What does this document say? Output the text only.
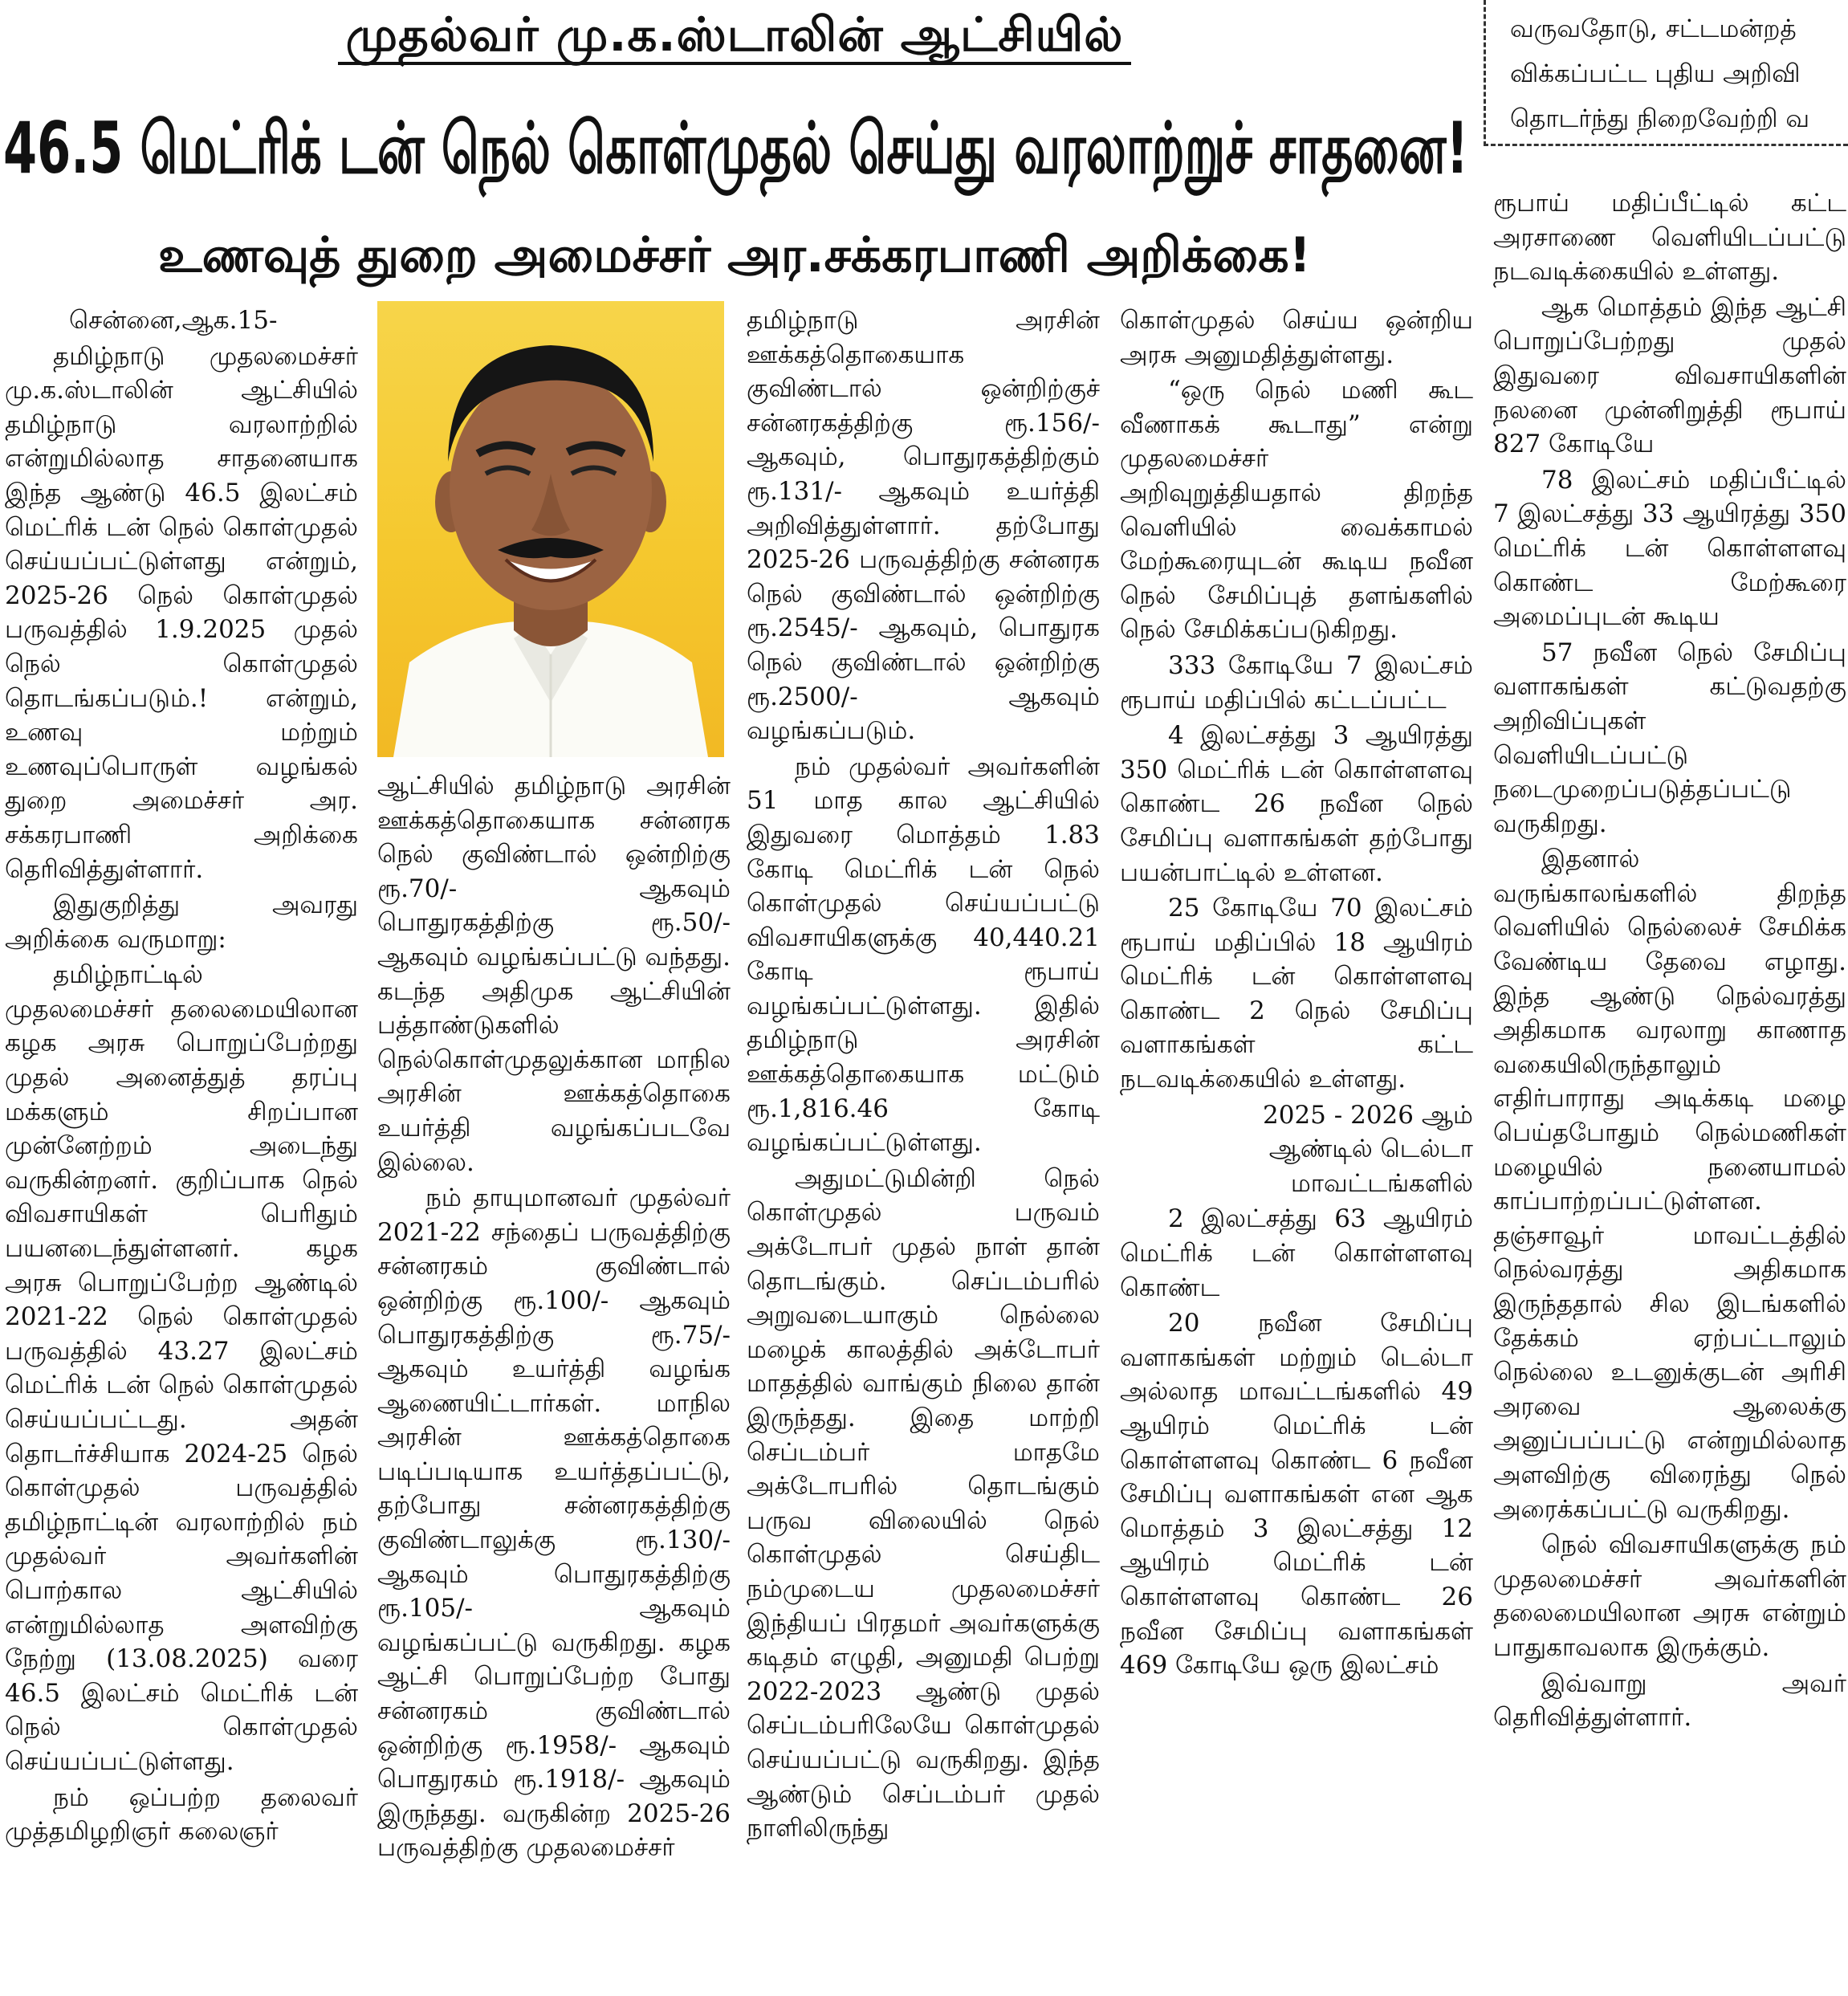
முதல்வர் மு.க.ஸ்டாலின் ஆட்சியில்
46.5 மெட்ரிக் டன் நெல் கொள்முதல் செய்து வரலாற்றுச் சாதனை!
உணவுத் துறை அமைச்சர் அர.சக்கரபாணி அறிக்கை!

வருவதோடு, சட்டமன்றத்

விக்கப்பட்ட புதிய அறிவி

தொடர்ந்து நிறைவேற்றி வ

சென்னை,ஆக.15-

தமிழ்நாடு முதலமைச்சர் மு.க.ஸ்டாலின் ஆட்சியில் தமிழ்நாடு வரலாற்றில் என்றுமில்லாத சாதனையாக இந்த ஆண்டு 46.5 இலட்சம் மெட்ரிக் டன் நெல் கொள்முதல் செய்யப்பட்டுள்ளது என்றும், 2025-26 நெல் கொள்முதல் பருவத்தில் 1.9.2025 முதல் நெல் கொள்முதல் தொடங்கப்படும்.! என்றும், உணவு மற்றும் உணவுப்பொருள் வழங்கல் துறை அமைச்சர் அர. சக்கரபாணி அறிக்கை தெரிவித்துள்ளார்.

இதுகுறித்து அவரது அறிக்கை வருமாறு:

தமிழ்நாட்டில் முதலமைச்சர் தலைமையிலான கழக அரசு பொறுப்பேற்றது முதல் அனைத்துத் தரப்பு மக்களும் சிறப்பான முன்னேற்றம் அடைந்து வருகின்றனர். குறிப்பாக நெல் விவசாயிகள் பெரிதும் பயனடைந்துள்ளனர். கழக அரசு பொறுப்பேற்ற ஆண்டில் 2021-22 நெல் கொள்முதல் பருவத்தில் 43.27 இலட்சம் மெட்ரிக் டன் நெல் கொள்முதல் செய்யப்பட்டது. அதன் தொடர்ச்சியாக 2024-25 நெல் கொள்முதல் பருவத்தில் தமிழ்நாட்டின் வரலாற்றில் நம் முதல்வர் அவர்களின் பொற்கால ஆட்சியில் என்றுமில்லாத அளவிற்கு நேற்று (13.08.2025) வரை 46.5 இலட்சம் மெட்ரிக் டன் நெல் கொள்முதல் செய்யப்பட்டுள்ளது.

நம் ஒப்பற்ற தலைவர் முத்தமிழறிஞர் கலைஞர்

ஆட்சியில் தமிழ்நாடு அரசின் ஊக்கத்தொகையாக சன்னரக நெல் குவிண்டால் ஒன்றிற்கு ரூ.70/- ஆகவும் பொதுரகத்திற்கு ரூ.50/- ஆகவும் வழங்கப்பட்டு வந்தது. கடந்த அதிமுக ஆட்சியின் பத்தாண்டுகளில் நெல்கொள்முதலுக்கான மாநில அரசின் ஊக்கத்தொகை உயர்த்தி வழங்கப்படவே இல்லை.

நம் தாயுமானவர் முதல்வர் 2021-22 சந்தைப் பருவத்திற்கு சன்னரகம் குவிண்டால் ஒன்றிற்கு ரூ.100/- ஆகவும் பொதுரகத்திற்கு ரூ.75/- ஆகவும் உயர்த்தி வழங்க ஆணையிட்டார்கள். மாநில அரசின் ஊக்கத்தொகை படிப்படியாக உயர்த்தப்பட்டு, தற்போது சன்னரகத்திற்கு குவிண்டாலுக்கு ரூ.130/- ஆகவும் பொதுரகத்திற்கு ரூ.105/- ஆகவும் வழங்கப்பட்டு வருகிறது. கழக ஆட்சி பொறுப்பேற்ற போது சன்னரகம் குவிண்டால் ஒன்றிற்கு ரூ.1958/- ஆகவும் பொதுரகம் ரூ.1918/- ஆகவும் இருந்தது. வருகின்ற 2025-26 பருவத்திற்கு முதலமைச்சர்

தமிழ்நாடு அரசின் ஊக்கத்தொகையாக குவிண்டால் ஒன்றிற்குச் சன்னரகத்திற்கு ரூ.156/- ஆகவும், பொதுரகத்திற்கும் ரூ.131/- ஆகவும் உயர்த்தி அறிவித்துள்ளார். தற்போது 2025-26 பருவத்திற்கு சன்னரக நெல் குவிண்டால் ஒன்றிற்கு ரூ.2545/- ஆகவும், பொதுரக நெல் குவிண்டால் ஒன்றிற்கு ரூ.2500/- ஆகவும் வழங்கப்படும்.

நம் முதல்வர் அவர்களின் 51 மாத கால ஆட்சியில் இதுவரை மொத்தம் 1.83 கோடி மெட்ரிக் டன் நெல் கொள்முதல் செய்யப்பட்டு விவசாயிகளுக்கு 40,440.21 கோடி ரூபாய் வழங்கப்பட்டுள்ளது. இதில் தமிழ்நாடு அரசின் ஊக்கத்தொகையாக மட்டும் ரூ.1,816.46 கோடி வழங்கப்பட்டுள்ளது.

அதுமட்டுமின்றி நெல் கொள்முதல் பருவம் அக்டோபர் முதல் நாள் தான் தொடங்கும். செப்டம்பரில் அறுவடையாகும் நெல்லை மழைக் காலத்தில் அக்டோபர் மாதத்தில் வாங்கும் நிலை தான் இருந்தது. இதை மாற்றி செப்டம்பர் மாதமே அக்டோபரில் தொடங்கும் பருவ விலையில் நெல் கொள்முதல் செய்திட நம்முடைய முதலமைச்சர் இந்தியப் பிரதமர் அவர்களுக்கு கடிதம் எழுதி, அனுமதி பெற்று 2022-2023 ஆண்டு முதல் செப்டம்பரிலேயே கொள்முதல் செய்யப்பட்டு வருகிறது. இந்த ஆண்டும் செப்டம்பர் முதல் நாளிலிருந்து

கொள்முதல் செய்ய ஒன்றிய அரசு அனுமதித்துள்ளது.

“ஒரு நெல் மணி கூட வீணாகக் கூடாது” என்று முதலமைச்சர் அறிவுறுத்தியதால் திறந்த வெளியில் வைக்காமல் மேற்கூரையுடன் கூடிய நவீன நெல் சேமிப்புத் தளங்களில் நெல் சேமிக்கப்படுகிறது.

333 கோடியே 7 இலட்சம் ரூபாய் மதிப்பில் கட்டப்பட்ட

4 இலட்சத்து 3 ஆயிரத்து 350 மெட்ரிக் டன் கொள்ளளவு கொண்ட 26 நவீன நெல் சேமிப்பு வளாகங்கள் தற்போது பயன்பாட்டில் உள்ளன.

25 கோடியே 70 இலட்சம் ரூபாய் மதிப்பில் 18 ஆயிரம் மெட்ரிக் டன் கொள்ளளவு கொண்ட 2 நெல் சேமிப்பு வளாகங்கள் கட்ட நடவடிக்கையில் உள்ளது.

2025 - 2026 ஆம் ஆண்டில் டெல்டா மாவட்டங்களில்

2 இலட்சத்து 63 ஆயிரம் மெட்ரிக் டன் கொள்ளளவு கொண்ட

20 நவீன சேமிப்பு வளாகங்கள் மற்றும் டெல்டா அல்லாத மாவட்டங்களில் 49 ஆயிரம் மெட்ரிக் டன் கொள்ளளவு கொண்ட 6 நவீன சேமிப்பு வளாகங்கள் என ஆக மொத்தம் 3 இலட்சத்து 12 ஆயிரம் மெட்ரிக் டன் கொள்ளளவு கொண்ட 26 நவீன சேமிப்பு வளாகங்கள் 469 கோடியே ஒரு இலட்சம்

ரூபாய் மதிப்பீட்டில் கட்ட அரசாணை வெளியிடப்பட்டு நடவடிக்கையில் உள்ளது.

ஆக மொத்தம் இந்த ஆட்சி பொறுப்பேற்றது முதல் இதுவரை விவசாயிகளின் நலனை முன்னிறுத்தி ரூபாய் 827 கோடியே

78 இலட்சம் மதிப்பீட்டில் 7 இலட்சத்து 33 ஆயிரத்து 350 மெட்ரிக் டன் கொள்ளளவு கொண்ட மேற்கூரை அமைப்புடன் கூடிய

57 நவீன நெல் சேமிப்பு வளாகங்கள் கட்டுவதற்கு அறிவிப்புகள் வெளியிடப்பட்டு நடைமுறைப்படுத்தப்பட்டு வருகிறது.

இதனால் வருங்காலங்களில் திறந்த வெளியில் நெல்லைச் சேமிக்க வேண்டிய தேவை எழாது. இந்த ஆண்டு நெல்வரத்து அதிகமாக வரலாறு காணாத வகையிலிருந்தாலும் எதிர்பாராது அடிக்கடி மழை பெய்தபோதும் நெல்மணிகள் மழையில் நனையாமல் காப்பாற்றப்பட்டுள்ளன. தஞ்சாவூர் மாவட்டத்தில் நெல்வரத்து அதிகமாக இருந்ததால் சில இடங்களில் தேக்கம் ஏற்பட்டாலும் நெல்லை உடனுக்குடன் அரிசி அரவை ஆலைக்கு அனுப்பப்பட்டு என்றுமில்லாத அளவிற்கு விரைந்து நெல் அரைக்கப்பட்டு வருகிறது.

நெல் விவசாயிகளுக்கு நம் முதலமைச்சர் அவர்களின் தலைமையிலான அரசு என்றும் பாதுகாவலாக இருக்கும்.

இவ்வாறு அவர் தெரிவித்துள்ளார்.
